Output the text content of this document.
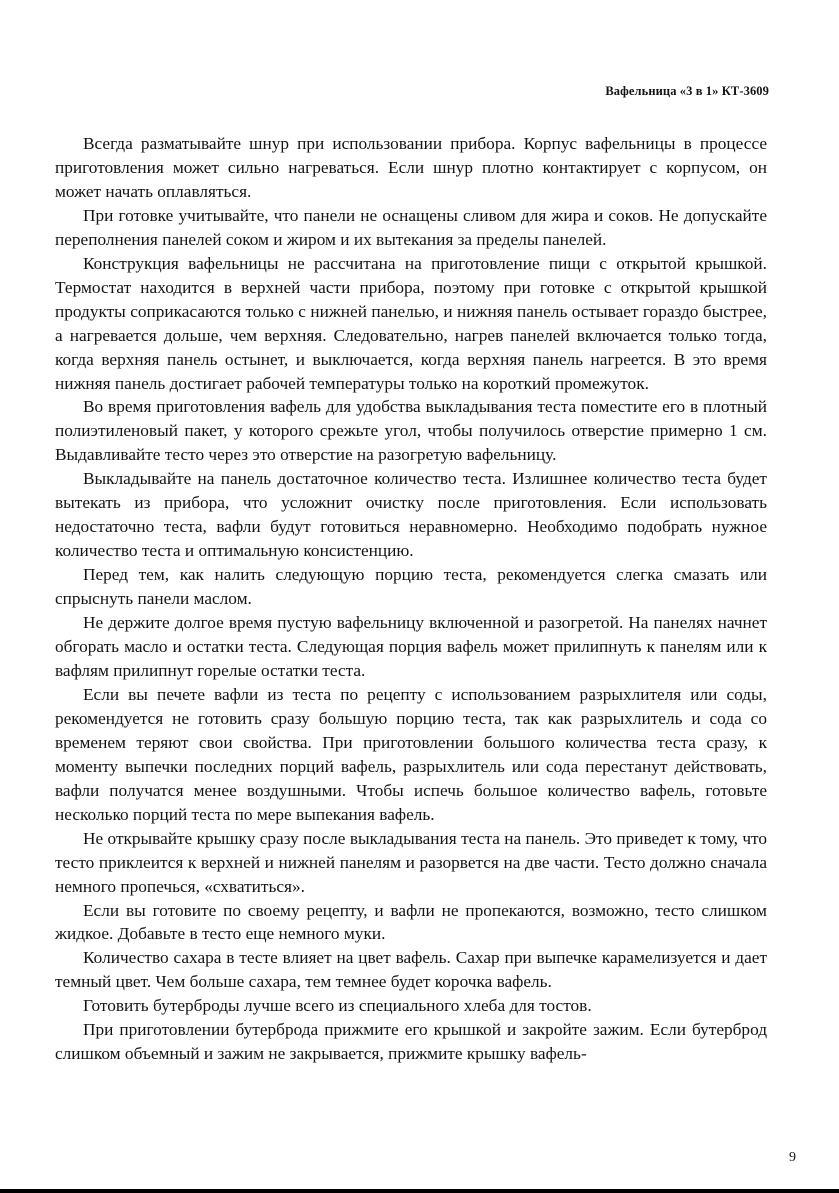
Вафельница «3 в 1» КТ-3609

Всегда разматывайте шнур при использовании прибора. Корпус вафельницы в процессе приготовления может сильно нагреваться. Если шнур плотно контактирует с корпусом, он может начать оплавляться.

При готовке учитывайте, что панели не оснащены сливом для жира и соков. Не допускайте переполнения панелей соком и жиром и их вытекания за пределы панелей.

Конструкция вафельницы не рассчитана на приготовление пищи с открытой крышкой. Термостат находится в верхней части прибора, поэтому при готовке с открытой крышкой продукты соприкасаются только с нижней панелью, и нижняя панель остывает гораздо быстрее, а нагревается дольше, чем верхняя. Следовательно, нагрев панелей включается только тогда, когда верхняя панель остынет, и выключается, когда верхняя панель нагреется. В это время нижняя панель достигает рабочей температуры только на короткий промежуток.

Во время приготовления вафель для удобства выкладывания теста поместите его в плотный полиэтиленовый пакет, у которого срежьте угол, чтобы получилось отверстие примерно 1 см. Выдавливайте тесто через это отверстие на разогретую вафельницу.

Выкладывайте на панель достаточное количество теста. Излишнее количество теста будет вытекать из прибора, что усложнит очистку после приготовления. Если использовать недостаточно теста, вафли будут готовиться неравномерно. Необходимо подобрать нужное количество теста и оптимальную консистенцию.

Перед тем, как налить следующую порцию теста, рекомендуется слегка смазать или спрыснуть панели маслом.

Не держите долгое время пустую вафельницу включенной и разогретой. На панелях начнет обгорать масло и остатки теста. Следующая порция вафель может прилипнуть к панелям или к вафлям прилипнут горелые остатки теста.

Если вы печете вафли из теста по рецепту с использованием разрыхлителя или соды, рекомендуется не готовить сразу большую порцию теста, так как разрыхлитель и сода со временем теряют свои свойства. При приготовлении большого количества теста сразу, к моменту выпечки последних порций вафель, разрыхлитель или сода перестанут действовать, вафли получатся менее воздушными. Чтобы испечь большое количество вафель, готовьте несколько порций теста по мере выпекания вафель.

Не открывайте крышку сразу после выкладывания теста на панель. Это приведет к тому, что тесто приклеится к верхней и нижней панелям и разорвется на две части. Тесто должно сначала немного пропечься, «схватиться».

Если вы готовите по своему рецепту, и вафли не пропекаются, возможно, тесто слишком жидкое. Добавьте в тесто еще немного муки.

Количество сахара в тесте влияет на цвет вафель. Сахар при выпечке карамелизуется и дает темный цвет. Чем больше сахара, тем темнее будет корочка вафель.

Готовить бутерброды лучше всего из специального хлеба для тостов.

При приготовлении бутерброда прижмите его крышкой и закройте зажим. Если бутерброд слишком объемный и зажим не закрывается, прижмите крышку вафель-

9
